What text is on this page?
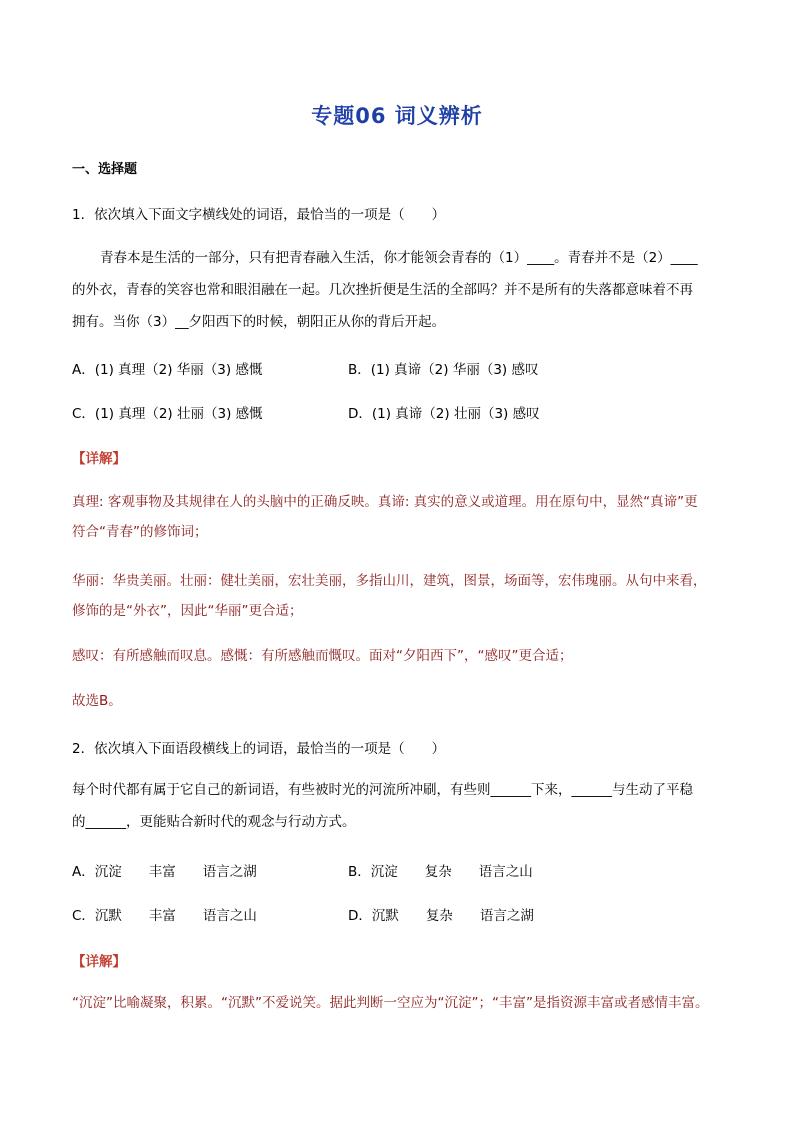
专题06 词义辨析
一、选择题
1．依次填入下面文字横线处的词语，最恰当的一项是（　　）
青春本是生活的一部分，只有把青春融入生活，你才能领会青春的（1）____。青春并不是（2）____
的外衣，青春的笑容也常和眼泪融在一起。几次挫折便是生活的全部吗？并不是所有的失落都意味着不再
拥有。当你（3）__夕阳西下的时候，朝阳正从你的背后开起。
A．(1) 真理（2) 华丽（3) 感慨	B．(1) 真谛（2) 华丽（3) 感叹
C．(1) 真理（2) 壮丽（3) 感慨	D．(1) 真谛（2) 壮丽（3) 感叹
【详解】
真理: 客观事物及其规律在人的头脑中的正确反映。真谛: 真实的意义或道理。用在原句中，显然“真谛”更
符合“青春”的修饰词；
华丽：华贵美丽。壮丽：健壮美丽，宏壮美丽，多指山川，建筑，图景，场面等，宏伟瑰丽。从句中来看，
修饰的是“外衣”，因此“华丽”更合适；
感叹：有所感触而叹息。感慨：有所感触而慨叹。面对“夕阳西下”，“感叹”更合适；
故选B。
2．依次填入下面语段横线上的词语，最恰当的一项是（　　）
每个时代都有属于它自己的新词语，有些被时光的河流所冲刷，有些则______下来，______与生动了平稳
的______，更能贴合新时代的观念与行动方式。
A．沉淀　　丰富　　语言之湖	B．沉淀　　复杂　　语言之山
C．沉默　　丰富　　语言之山	D．沉默　　复杂　　语言之湖
【详解】
“沉淀”比喻凝聚，积累。“沉默”不爱说笑。据此判断一空应为“沉淀”；“丰富”是指资源丰富或者感情丰富。
